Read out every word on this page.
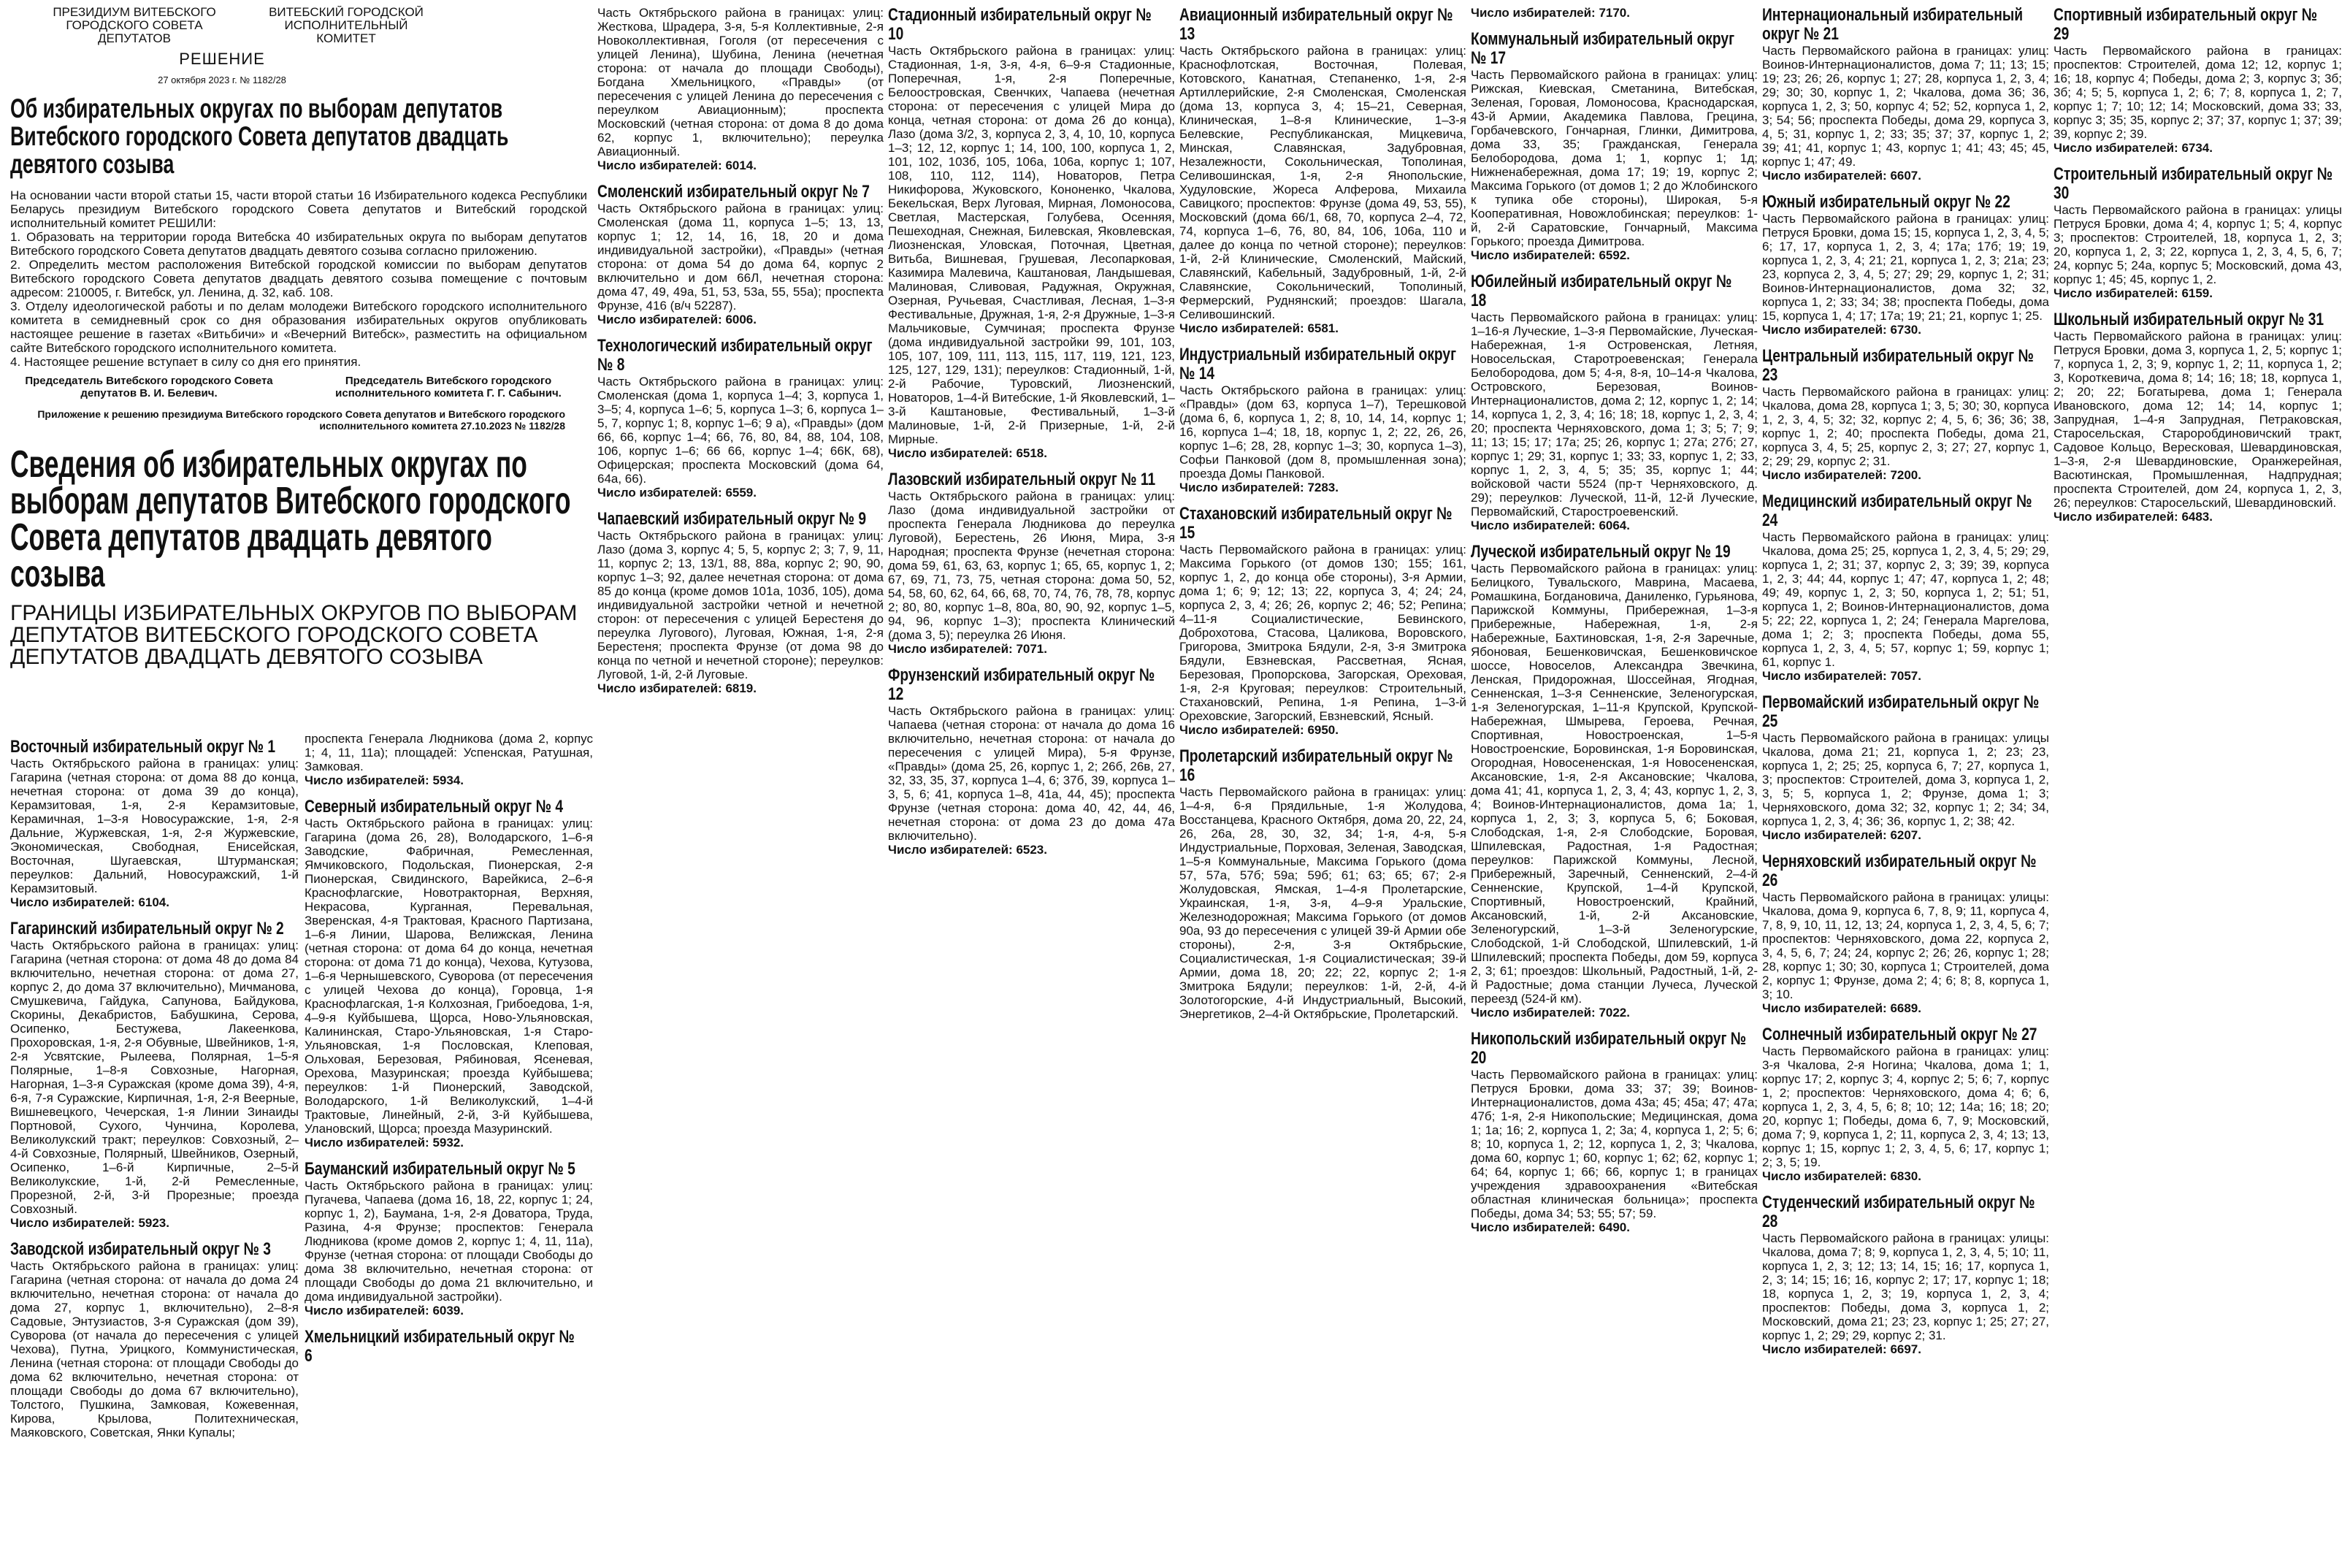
ПРЕЗИДИУМ ВИТЕБСКОГО ГОРОДСКОГО СОВЕТА ДЕПУТАТОВ
ВИТЕБСКИЙ ГОРОДСКОЙ ИСПОЛНИТЕЛЬНЫЙ КОМИТЕТ
РЕШЕНИЕ
27 октября 2023 г. № 1182/28
Об избирательных округах по выборам депутатов Витебского городского Совета депутатов двадцать девятого созыва

На основании части второй статьи 15, части второй статьи 16 Избирательного кодекса Республики Беларусь президиум Витебского городского Совета депутатов и Витебский городской исполнительный комитет РЕШИЛИ:

1. Образовать на территории города Витебска 40 избирательных округа по выборам депутатов Витебского городского Совета депутатов двадцать девятого созыва согласно приложению.

2. Определить местом расположения Витебской городской комиссии по выборам депутатов Витебского городского Совета депутатов двадцать девятого созыва помещение с почтовым адресом: 210005, г. Витебск, ул. Ленина, д. 32, каб. 108.

3. Отделу идеологической работы и по делам молодежи Витебского городского исполнительного комитета в семидневный срок со дня образования избирательных округов опубликовать настоящее решение в газетах «Витьбичи» и «Вечерний Витебск», разместить на официальном сайте Витебского городского исполнительного комитета.

4. Настоящее решение вступает в силу со дня его принятия.

Председатель Витебского городского Совета депутатов В. И. Белевич.
Председатель Витебского городского исполнительного комитета Г. Г. Сабынич.
Приложение к решению президиума Витебского городского Совета депутатов и Витебского городского исполнительного комитета 27.10.2023 № 1182/28
Сведения об избирательных округах по выборам депутатов Витебского городского Совета депутатов двадцать девятого созыва
ГРАНИЦЫ ИЗБИРАТЕЛЬНЫХ ОКРУГОВ ПО ВЫБОРАМ ДЕПУТАТОВ ВИТЕБСКОГО ГОРОДСКОГО СОВЕТА ДЕПУТАТОВ ДВАДЦАТЬ ДЕВЯТОГО СОЗЫВА
Восточный избирательный округ № 1
Часть Октябрьского района в границах: улиц: Гагарина (четная сторона: от дома 88 до конца, нечетная сторона: от дома 39 до конца), Керамзитовая, 1-я, 2-я Керамзитовые, Керамичная, 1–3-я Новосуражские, 1-я, 2-я Дальние, Журжевская, 1-я, 2-я Журжевские, Экономическая, Свободная, Енисейская, Восточная, Шугаевская, Штурманская; переулков: Дальний, Новосуражский, 1-й Керамзитовый.
Число избирателей: 6104.
Гагаринский избирательный округ № 2
Часть Октябрьского района в границах: улиц: Гагарина (четная сторона: от дома 48 до дома 84 включительно, нечетная сторона: от дома 27, корпус 2, до дома 37 включительно), Мичманова, Смушкевича, Гайдука, Сапунова, Байдукова, Скорины, Декабристов, Бабушкина, Серова, Осипенко, Бестужева, Лакеенкова, Прохоровская, 1-я, 2-я Обувные, Швейников, 1-я, 2-я Усвятские, Рылеева, Полярная, 1–5-я Полярные, 1–8-я Совхозные, Нагорная, Нагорная, 1–3-я Суражская (кроме дома 39), 4-я, 6-я, 7-я Суражские, Кирпичная, 1-я, 2-я Веерные, Вишневецкого, Чечерская, 1-я Линии Зинаиды Портновой, Сухого, Чунчина, Королева, Великолукский тракт; переулков: Совхозный, 2–4-й Совхозные, Полярный, Швейников, Озерный, Осипенко, 1–6-й Кирпичные, 2–5-й Великолукские, 1-й, 2-й Ремесленные, Прорезной, 2-й, 3-й Прорезные; проезда Совхозный.
Число избирателей: 5923.
Заводской избирательный округ № 3
Часть Октябрьского района в границах: улиц: Гагарина (четная сторона: от начала до дома 24 включительно, нечетная сторона: от начала до дома 27, корпус 1, включительно), 2–8-я Садовые, Энтузиастов, 3-я Суражская (дом 39), Суворова (от начала до пересечения с улицей Чехова), Путна, Урицкого, Коммунистическая, Ленина (четная сторона: от площади Свободы до дома 62 включительно, нечетная сторона: от площади Свободы до дома 67 включительно), Толстого, Пушкина, Замковая, Кожевенная, Кирова, Крылова, Политехническая, Маяковского, Советская, Янки Купалы;
проспекта Генерала Людникова (дома 2, корпус 1; 4, 11, 11а); площадей: Успенская, Ратушная, Замковая.
Число избирателей: 5934.
Северный избирательный округ № 4
Часть Октябрьского района в границах: улиц: Гагарина (дома 26, 28), Володарского, 1–6-я Заводские, Фабричная, Ремесленная, Ямчиковского, Подольская, Пионерская, 2-я Пионерская, Свидинского, Варейкиса, 2–6-я Краснофлагские, Новотракторная, Верхняя, Некрасова, Курганная, Перевальная, Зверенская, 4-я Трактовая, Красного Партизана, 1–6-я Линии, Шарова, Велижская, Ленина (четная сторона: от дома 64 до конца, нечетная сторона: от дома 71 до конца), Чехова, Кутузова, 1–6-я Чернышевского, Суворова (от пересечения с улицей Чехова до конца), Горовца, 1-я Краснофлагская, 1-я Колхозная, Грибоедова, 1-я, 4–9-я Куйбышева, Щорса, Ново-Ульяновская, Калининская, Старо-Ульяновская, 1-я Старо-Ульяновская, 1-я Пословская, Клеповая, Ольховая, Березовая, Рябиновая, Ясеневая, Орехова, Мазуринская; проезда Куйбышева; переулков: 1-й Пионерский, Заводской, Володарского, 1-й Великолукский, 1–4-й Трактовые, Линейный, 2-й, 3-й Куйбышева, Улановский, Щорса; проезда Мазуринский.
Число избирателей: 5932.
Бауманский избирательный округ № 5
Часть Октябрьского района в границах: улиц: Пугачева, Чапаева (дома 16, 18, 22, корпус 1; 24, корпус 1, 2), Баумана, 1-я, 2-я Доватора, Труда, Разина, 4-я Фрунзе; проспектов: Генерала Людникова (кроме домов 2, корпус 1; 4, 11, 11а), Фрунзе (четная сторона: от площади Свободы до дома 38 включительно, нечетная сторона: от площади Свободы до дома 21 включительно, и дома индивидуальной застройки).
Число избирателей: 6039.
Хмельницкий избирательный округ № 6
Часть Октябрьского района в границах: улиц: Жесткова, Шрадера, 3-я, 5-я Коллективные, 2-я Новоколлективная, Гоголя (от пересечения с улицей Ленина), Шубина, Ленина (нечетная сторона: от начала до площади Свободы), Богдана Хмельницкого, «Правды» (от пересечения с улицей Ленина до пересечения с переулком Авиационным); проспекта Московский (четная сторона: от дома 8 до дома 62, корпус 1, включительно); переулка Авиационный.
Число избирателей: 6014.
Смоленский избирательный округ № 7
Часть Октябрьского района в границах: улиц: Смоленская (дома 11, корпуса 1–5; 13, 13, корпус 1; 12, 14, 16, 18, 20 и дома индивидуальной застройки), «Правды» (четная сторона: от дома 54 до дома 64, корпус 2 включительно и дом 66Л, нечетная сторона: дома 47, 49, 49а, 51, 53, 53а, 55, 55а); проспекта Фрунзе, 416 (в/ч 52287).
Число избирателей: 6006.
Технологический избирательный округ № 8
Часть Октябрьского района в границах: улиц: Смоленская (дома 1, корпуса 1–4; 3, корпуса 1, 3–5; 4, корпуса 1–6; 5, корпуса 1–3; 6, корпуса 1–5, 7, корпус 1; 8, корпус 1–6; 9 а), «Правды» (дом 66, 66, корпус 1–4; 66, 76, 80, 84, 88, 104, 108, 106, корпус 1–6; 66 66, корпус 1–4; 66К, 68), Офицерская; проспекта Московский (дома 64, 64а, 66).
Число избирателей: 6559.
Чапаевский избирательный округ № 9
Часть Октябрьского района в границах: улиц: Лазо (дома 3, корпус 4; 5, 5, корпус 2; 3; 7, 9, 11, 11, корпус 2; 13, 13/1, 88, 88а, корпус 2; 90, 90, корпус 1–3; 92, далее нечетная сторона: от дома 85 до конца (кроме домов 101а, 103б, 105), дома индивидуальной застройки четной и нечетной сторон: от пересечения с улицей Берестеня до переулка Лугового), Луговая, Южная, 1-я, 2-я Берестеня; проспекта Фрунзе (от дома 98 до конца по четной и нечетной стороне); переулков: Луговой, 1-й, 2-й Луговые.
Число избирателей: 6819.
Стадионный избирательный округ № 10
Часть Октябрьского района в границах: улиц: Стадионная, 1-я, 3-я, 4-я, 6–9-я Стадионные, Поперечная, 1-я, 2-я Поперечные, Белоостровская, Свенчких, Чапаева (нечетная сторона: от пересечения с улицей Мира до конца, четная сторона: от дома 26 до конца), Лазо (дома 3/2, 3, корпуса 2, 3, 4, 10, 10, корпуса 1–3; 12, 12, корпус 1; 14, 100, 100, корпуса 1, 2, 101, 102, 103б, 105, 106а, 106а, корпус 1; 107, 108, 110, 112, 114), Новаторов, Петра Никифорова, Жуковского, Кононенко, Чкалова, Бекельская, Верх Луговая, Мирная, Ломоносова, Светлая, Мастерская, Голубева, Осенняя, Пешеходная, Снежная, Билевская, Яковлевская, Лиозненская, Уловская, Поточная, Цветная, Витьба, Вишневая, Грушевая, Лесопарковая, Казимира Малевича, Каштановая, Ландышевая, Малиновая, Сливовая, Радужная, Окружная, Озерная, Ручьевая, Счастливая, Лесная, 1–3-я Фестивальные, Дружная, 1-я, 2-я Дружные, 1–3-я Мальчиковые, Сумчиная; проспекта Фрунзе (дома индивидуальной застройки 99, 101, 103, 105, 107, 109, 111, 113, 115, 117, 119, 121, 123, 125, 127, 129, 131); переулков: Стадионный, 1-й, 2-й Рабочие, Туровский, Лиозненский, Новаторов, 1–4-й Витебские, 1-й Яковлевский, 1–3-й Каштановые, Фестивальный, 1–3-й Малиновые, 1-й, 2-й Призерные, 1-й, 2-й Мирные.
Число избирателей: 6518.
Лазовский избирательный округ № 11
Часть Октябрьского района в границах: улиц: Лазо (дома индивидуальной застройки от проспекта Генерала Людникова до переулка Луговой), Берестень, 26 Июня, Мира, 3-я Народная; проспекта Фрунзе (нечетная сторона: дома 59, 61, 63, 63, корпус 1; 65, 65, корпус 1, 2; 67, 69, 71, 73, 75, четная сторона: дома 50, 52, 54, 58, 60, 62, 64, 66, 68, 70, 74, 76, 78, 78, корпус 2; 80, 80, корпус 1–8, 80а, 80, 90, 92, корпус 1–5, 94, 96, корпус 1–3); проспекта Клинический (дома 3, 5); переулка 26 Июня.
Число избирателей: 7071.
Фрунзенский избирательный округ № 12
Часть Октябрьского района в границах: улиц: Чапаева (четная сторона: от начала до дома 16 включительно, нечетная сторона: от начала до пересечения с улицей Мира), 5-я Фрунзе, «Правды» (дома 25, 26, корпус 1, 2; 26б, 26в, 27, 32, 33, 35, 37, корпуса 1–4, 6; 37б, 39, корпуса 1–3, 5, 6; 41, корпуса 1–8, 41а, 44, 45); проспекта Фрунзе (четная сторона: дома 40, 42, 44, 46, нечетная сторона: от дома 23 до дома 47а включительно).
Число избирателей: 6523.
Авиационный избирательный округ № 13
Часть Октябрьского района в границах: улиц: Краснофлотская, Восточная, Полевая, Котовского, Канатная, Степаненко, 1-я, 2-я Артиллерийские, 2-я Смоленская, Смоленская (дома 13, корпуса 3, 4; 15–21, Северная, Клиническая, 1–8-я Клинические, 1–3-я Белевские, Республиканская, Мицкевича, Минская, Славянская, Задубровная, Незалежности, Сокольническая, Тополиная, Селивошинская, 1-я, 2-я Янопольские, Худуловские, Жореса Алферова, Михаила Савицкого; проспектов: Фрунзе (дома 49, 53, 55), Московский (дома 66/1, 68, 70, корпуса 2–4, 72, 74, корпуса 1–6, 76, 80, 84, 106, 106а, 110 и далее до конца по четной стороне); переулков: 1-й, 2-й Клинические, Смоленский, Майский, Славянский, Кабельный, Задубровный, 1-й, 2-й Славянские, Сокольнический, Тополиный, Фермерский, Руднянский; проездов: Шагала, Селивошинский.
Число избирателей: 6581.
Индустриальный избирательный округ № 14
Часть Октябрьского района в границах: улиц: «Правды» (дом 63, корпуса 1–7), Терешковой (дома 6, 6, корпуса 1, 2; 8, 10, 14, 14, корпус 1; 16, корпуса 1–4; 18, 18, корпус 1, 2; 22, 26, 26, корпус 1–6; 28, 28, корпус 1–3; 30, корпуса 1–3), Софьи Панковой (дом 8, промышленная зона); проезда Домы Панковой.
Число избирателей: 7283.
Стахановский избирательный округ № 15
Часть Первомайского района в границах: улиц: Максима Горького (от домов 130; 155; 161, корпус 1, 2, до конца обе стороны), 3-я Армии, дома 1; 6; 9; 12; 13; 22, корпуса 3, 4; 24; 24, корпуса 2, 3, 4; 26; 26, корпус 2; 46; 52; Репина; 4–11-я Социалистические, Бевинского, Доброхотова, Стасова, Цаликова, Воровского, Григорова, Змитрока Бядули, 2-я, 3-я Змитрока Бядули, Евзневская, Рассветная, Ясная, Березовая, Пропорскова, Загорская, Ореховая, 1-я, 2-я Круговая; переулков: Строительный, Стахановский, Репина, 1-я Репина, 1–3-й Ореховские, Загорский, Евзневский, Ясный.
Число избирателей: 6950.
Пролетарский избирательный округ № 16
Часть Первомайского района в границах: улиц: 1–4-я, 6-я Прядильные, 1-я Жолудова, Восстанцева, Красного Октября, дома 20, 22, 24, 26, 26а, 28, 30, 32, 34; 1-я, 4-я, 5-я Индустриальные, Порховая, Зеленая, Заводская, 1–5-я Коммунальные, Максима Горького (дома 57, 57а, 57б; 59а; 59б; 61; 63; 65; 67; 2-я Жолудовская, Ямская, 1–4-я Пролетарские, Украинская, 1-я, 3-я, 4–9-я Уральские, Железнодорожная; Максима Горького (от домов 90а, 93 до пересечения с улицей 39-й Армии обе стороны), 2-я, 3-я Октябрьские, Социалистическая, 1-я Социалистическая; 39-й Армии, дома 18, 20; 22; 22, корпус 2; 1-я Змитрока Бядули; переулков: 1-й, 2-й, 4-й Золотогорские, 4-й Индустриальный, Высокий, Энергетиков, 2–4-й Октябрьские, Пролетарский.
Число избирателей: 7170.
Коммунальный избирательный округ № 17
Часть Первомайского района в границах: улиц: Рижская, Киевская, Сметанина, Витебская, Зеленая, Горовая, Ломоносова, Краснодарская, 43-й Армии, Академика Павлова, Грецина, Горбачевского, Гончарная, Глинки, Димитрова, дома 33, 35; Гражданская, Генерала Белобородова, дома 1; 1, корпус 1; 1д; Нижненабережная, дома 17; 19; 19, корпус 2; Максима Горького (от домов 1; 2 до Жлобинского к тупика обе стороны), Широкая, 5-я Кооперативная, Новожлобинская; переулков: 1-й, 2-й Саратовские, Гончарный, Максима Горького; проезда Димитрова.
Число избирателей: 6592.
Юбилейный избирательный округ № 18
Часть Первомайского района в границах: улиц: 1–16-я Луческие, 1–3-я Первомайские, Луческая-Набережная, 1-я Островенская, Летняя, Новосельская, Старотроевенская; Генерала Белобородова, дом 5; 4-я, 8-я, 10–14-я Чкалова, Островского, Березовая, Воинов-Интернационалистов, дома 2; 12, корпус 1, 2; 14; 14, корпуса 1, 2, 3, 4; 16; 18; 18, корпус 1, 2, 3, 4; 20; проспекта Черняховского, дома 1; 3; 5; 7; 9; 11; 13; 15; 17; 17а; 25; 26, корпус 1; 27а; 27б; 27, корпус 1; 29; 31, корпус 1; 33; 33, корпус 1, 2; 33, корпус 1, 2, 3, 4, 5; 35; 35, корпус 1; 44; войсковой части 5524 (пр-т Черняховского, д. 29); переулков: Луческой, 11-й, 12-й Луческие, Первомайский, Старостроевенский.
Число избирателей: 6064.
Луческой избирательный округ № 19
Часть Первомайского района в границах: улиц: Белицкого, Тувальского, Маврина, Масаева, Ромашкина, Богдановича, Даниленко, Гурьянова, Парижской Коммуны, Прибережная, 1–3-я Прибережные, Набережная, 1-я, 2-я Набережные, Бахтиновская, 1-я, 2-я Заречные, Ябоновая, Бешенковичская, Бешенковичское шоссе, Новоселов, Александра Звечкина, Ленская, Придорожная, Шоссейная, Ягодная, Сенненская, 1–3-я Сенненские, Зеленогурская, 1-я Зеленогурская, 1–11-я Крупской, Крупской-Набережная, Шмырева, Героева, Речная, Спортивная, Новостроенская, 1–5-я Новостроенские, Боровинская, 1-я Боровинская, Огородная, Новосененская, 1-я Новосененская, Аксановские, 1-я, 2-я Аксановские; Чкалова, дома 41; 41, корпуса 1, 2, 3, 4; 43, корпус 1, 2, 3, 4; Воинов-Интернационалистов, дома 1а; 1, корпуса 1, 2, 3; 3, корпуса 5, 6; Боковая, Слободская, 1-я, 2-я Слободские, Боровая, Шпилевская, Радостная, 1-я Радостная; переулков: Парижской Коммуны, Лесной, Прибережный, Заречный, Сенненский, 2–4-й Сенненские, Крупской, 1–4-й Крупской, Спортивный, Новостроенский, Крайний, Аксановский, 1-й, 2-й Аксановские, Зеленогурский, 1–3-й Зеленогурские, Слободской, 1-й Слободской, Шпилевский, 1-й Шпилевский; проспекта Победы, дом 59, корпуса 2, 3; 61; проездов: Школьный, Радостный, 1-й, 2-й Радостные; дома станции Лучеса, Луческой переезд (524-й км).
Число избирателей: 7022.
Никопольский избирательный округ № 20
Часть Первомайского района в границах: улиц: Петруся Бровки, дома 33; 37; 39; Воинов-Интернационалистов, дома 43а; 45; 45а; 47; 47а; 47б; 1-я, 2-я Никопольские; Медицинская, дома 1; 1а; 16; 2, корпуса 1, 2; 3а; 4, корпуса 1, 2; 5; 6; 8; 10, корпуса 1, 2; 12, корпуса 1, 2, 3; Чкалова, дома 60, корпус 1; 60, корпус 1; 62; 62, корпус 1; 64; 64, корпус 1; 66; 66, корпус 1; в границах учреждения здравоохранения «Витебская областная клиническая больница»; проспекта Победы, дома 34; 53; 55; 57; 59.
Число избирателей: 6490.
Интернациональный избирательный округ № 21
Часть Первомайского района в границах: улиц: Воинов-Интернационалистов, дома 7; 11; 13; 15; 19; 23; 26; 26, корпус 1; 27; 28, корпуса 1, 2, 3, 4; 29; 30; 30, корпус 1, 2; Чкалова, дома 36; 36, корпуса 1, 2, 3; 50, корпус 4; 52; 52, корпуса 1, 2, 3; 54; 56; проспекта Победы, дома 29, корпуса 3, 4, 5; 31, корпус 1, 2; 33; 35; 37; 37, корпус 1, 2; 39; 41; 41, корпус 1; 43, корпус 1; 41; 43; 45; 45, корпус 1; 47; 49.
Число избирателей: 6607.
Южный избирательный округ № 22
Часть Первомайского района в границах: улиц: Петруся Бровки, дома 15; 15, корпуса 1, 2, 3, 4, 5; 6; 17, 17, корпуса 1, 2, 3, 4; 17а; 17б; 19; 19, корпуса 1, 2, 3, 4; 21; 21, корпуса 1, 2, 3; 21а; 23; 23, корпуса 2, 3, 4, 5; 27; 29; 29, корпус 1, 2; 31; Воинов-Интернационалистов, дома 32; 32, корпуса 1, 2; 33; 34; 38; проспекта Победы, дома 15, корпуса 1, 4; 17; 17а; 19; 21; 21, корпус 1; 25.
Число избирателей: 6730.
Центральный избирательный округ № 23
Часть Первомайского района в границах: улиц: Чкалова, дома 28, корпуса 1; 3, 5; 30; 30, корпуса 1, 2, 3, 4, 5; 32; 32, корпус 2; 4, 5, 6; 36; 36; 38, корпус 1, 2; 40; проспекта Победы, дома 21, корпуса 3, 4, 5; 25, корпус 2, 3; 27; 27, корпус 1, 2; 29; 29, корпус 2; 31.
Число избирателей: 7200.
Медицинский избирательный округ № 24
Часть Первомайского района в границах: улиц: Чкалова, дома 25; 25, корпуса 1, 2, 3, 4, 5; 29; 29, корпуса 1, 2; 31; 37, корпус 2, 3; 39; 39, корпуса 1, 2, 3; 44; 44, корпус 1; 47; 47, корпуса 1, 2; 48; 49; 49, корпус 1, 2, 3; 50, корпуса 1, 2; 51; 51, корпуса 1, 2; Воинов-Интернационалистов, дома 5; 22; 22, корпуса 1, 2; 24; Генерала Маргелова, дома 1; 2; 3; проспекта Победы, дома 55, корпуса 1, 2, 3, 4, 5; 57, корпус 1; 59, корпус 1; 61, корпус 1.
Число избирателей: 7057.
Первомайский избирательный округ № 25
Часть Первомайского района в границах: улицы Чкалова, дома 21; 21, корпуса 1, 2; 23; 23, корпуса 1, 2; 25; 25, корпуса 6, 7; 27, корпуса 1, 3; проспектов: Строителей, дома 3, корпуса 1, 2, 3, 5; 5, корпуса 1, 2; Фрунзе, дома 1; 3; Черняховского, дома 32; 32, корпус 1; 2; 34; 34, корпуса 1, 2, 3, 4; 36; 36, корпус 1, 2; 38; 42.
Число избирателей: 6207.
Черняховский избирательный округ № 26
Часть Первомайского района в границах: улицы: Чкалова, дома 9, корпуса 6, 7, 8, 9; 11, корпуса 4, 7, 8, 9, 10, 11, 12, 13; 24, корпуса 1, 2, 3, 4, 5, 6; 7; проспектов: Черняховского, дома 22, корпуса 2, 3, 4, 5, 6, 7; 24; 24, корпус 2; 26; 26, корпус 1; 28; 28, корпус 1; 30; 30, корпуса 1; Строителей, дома 2, корпус 1; Фрунзе, дома 2; 4; 6; 8; 8, корпуса 1, 3; 10.
Число избирателей: 6689.
Солнечный избирательный округ № 27
Часть Первомайского района в границах: улиц: 3-я Чкалова, 2-я Ногина; Чкалова, дома 1; 1, корпус 17; 2, корпус 3; 4, корпус 2; 5; 6; 7, корпус 1, 2; проспектов: Черняховского, дома 4; 6; 6, корпуса 1, 2, 3, 4, 5, 6; 8; 10; 12; 14а; 16; 18; 20; 20, корпус 1; Победы, дома 6, 7, 9; Московский, дома 7; 9, корпуса 1, 2; 11, корпуса 2, 3, 4; 13; 13, корпус 1; 15, корпус 1; 2, 3, 4, 5, 6; 17, корпус 1; 2; 3, 5; 19.
Число избирателей: 6830.
Студенческий избирательный округ № 28
Часть Первомайского района в границах: улицы: Чкалова, дома 7; 8; 9, корпуса 1, 2, 3, 4, 5; 10; 11, корпуса 1, 2, 3; 12; 13; 14, 15; 16; 17, корпуса 1, 2, 3; 14; 15; 16; 16, корпус 2; 17; 17, корпус 1; 18; 18, корпуса 1, 2, 3; 19, корпуса 1, 2, 3, 4; проспектов: Победы, дома 3, корпуса 1, 2; Московский, дома 21; 23; 23, корпус 1; 25; 27; 27, корпус 1, 2; 29; 29, корпус 2; 31.
Число избирателей: 6697.
Спортивный избирательный округ № 29
Часть Первомайского района в границах: проспектов: Строителей, дома 12; 12, корпус 1; 16; 18, корпус 4; Победы, дома 2; 3, корпус 3; 3б; 3б; 4; 5; 5, корпуса 1, 2; 6; 7; 8, корпуса 1, 2; 7, корпус 1; 7; 10; 12; 14; Московский, дома 33; 33, корпус 3; 35; 35, корпус 2; 37; 37, корпус 1; 37; 39; 39, корпус 2; 39.
Число избирателей: 6734.
Строительный избирательный округ № 30
Часть Первомайского района в границах: улицы Петруся Бровки, дома 4; 4, корпус 1; 5; 4, корпус 3; проспектов: Строителей, 18, корпуса 1, 2, 3; 20, корпуса 1, 2, 3; 22, корпуса 1, 2, 3, 4, 5, 6, 7; 24, корпус 5; 24а, корпус 5; Московский, дома 43, корпус 1; 45; 45, корпус 1, 2.
Число избирателей: 6159.
Школьный избирательный округ № 31
Часть Первомайского района в границах: улиц: Петруся Бровки, дома 3, корпуса 1, 2, 5; корпус 1; 7, корпуса 1, 2, 3; 9, корпус 1, 2; 11, корпуса 1, 2; 3, Короткевича, дома 8; 14; 16; 18; 18, корпуса 1, 2; 20; 22; Богатырева, дома 1; Генерала Ивановского, дома 12; 14; 14, корпус 1; Запрудная, 1–4-я Запрудная, Петраковская, Старосельская, Староробдиновичский тракт, Садовое Кольцо, Вересковая, Шевардиновская, 1–3-я, 2-я Шевардиновские, Оранжерейная, Васютинская, Промышленная, Надпрудная; проспекта Строителей, дом 24, корпуса 1, 2, 3, 26; переулков: Старосельский, Шевардиновский.
Число избирателей: 6483.
